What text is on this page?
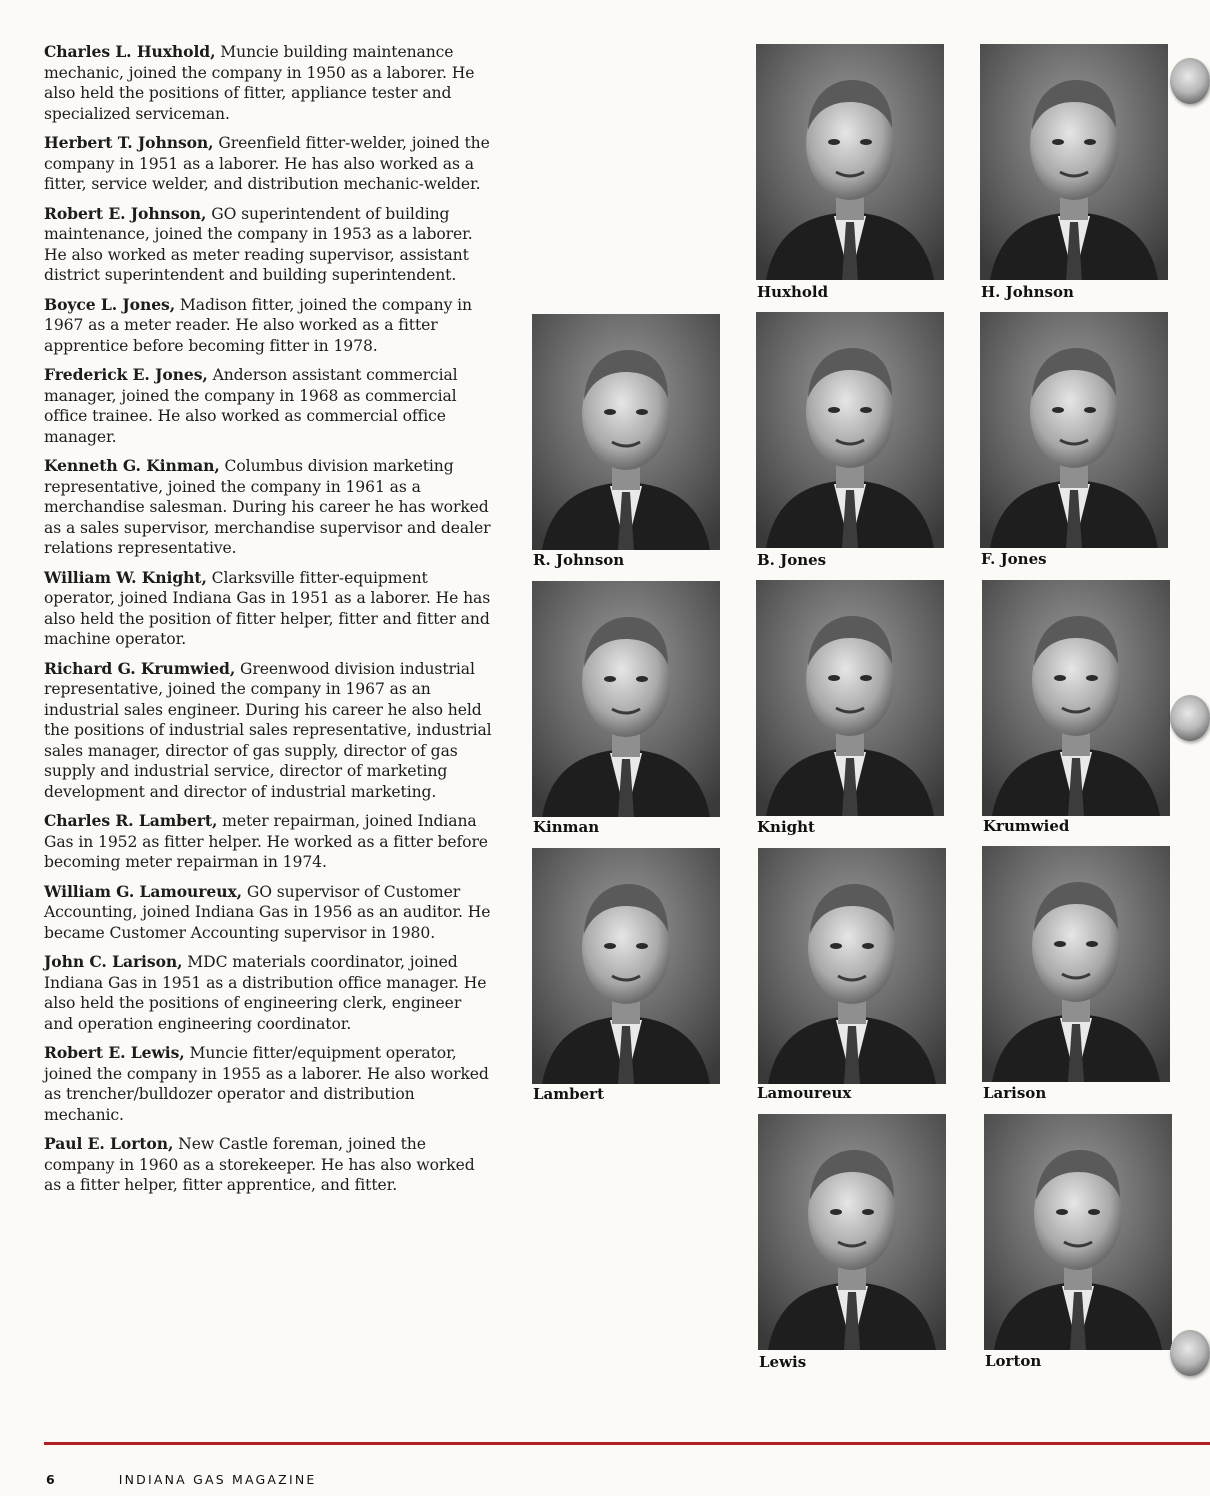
Charles L. Huxhold, Muncie building maintenance mechanic, joined the company in 1950 as a laborer. He also held the positions of fitter, appliance tester and specialized serviceman.

Herbert T. Johnson, Greenfield fitter-welder, joined the company in 1951 as a laborer. He has also worked as a fitter, service welder, and distribution mechanic-welder.

Robert E. Johnson, GO superintendent of building maintenance, joined the company in 1953 as a laborer. He also worked as meter reading supervisor, assistant district superintendent and building superintendent.

Boyce L. Jones, Madison fitter, joined the company in 1967 as a meter reader. He also worked as a fitter apprentice before becoming fitter in 1978.

Frederick E. Jones, Anderson assistant commercial manager, joined the company in 1968 as commercial office trainee. He also worked as commercial office manager.

Kenneth G. Kinman, Columbus division marketing representative, joined the company in 1961 as a merchandise salesman. During his career he has worked as a sales supervisor, merchandise supervisor and dealer relations representative.

William W. Knight, Clarksville fitter-equipment operator, joined Indiana Gas in 1951 as a laborer. He has also held the position of fitter helper, fitter and fitter and machine operator.

Richard G. Krumwied, Greenwood division industrial representative, joined the company in 1967 as an industrial sales engineer. During his career he also held the positions of industrial sales representative, industrial sales manager, director of gas supply, director of gas supply and industrial service, director of marketing development and director of industrial marketing.

Charles R. Lambert, meter repairman, joined Indiana Gas in 1952 as fitter helper. He worked as a fitter before becoming meter repairman in 1974.

William G. Lamoureux, GO supervisor of Customer Accounting, joined Indiana Gas in 1956 as an auditor. He became Customer Accounting supervisor in 1980.

John C. Larison, MDC materials coordinator, joined Indiana Gas in 1951 as a distribution office manager. He also held the positions of engineering clerk, engineer and operation engineering coordinator.

Robert E. Lewis, Muncie fitter/equipment operator, joined the company in 1955 as a laborer. He also worked as trencher/bulldozer operator and distribution mechanic.

Paul E. Lorton, New Castle foreman, joined the company in 1960 as a storekeeper. He has also worked as a fitter helper, fitter apprentice, and fitter.

Huxhold	H. Johnson
R. Johnson	B. Jones	F. Jones
Kinman	Knight	Krumwied
Lambert	Lamoureux	Larison
Lewis	Lorton
6	INDIANA GAS MAGAZINE
